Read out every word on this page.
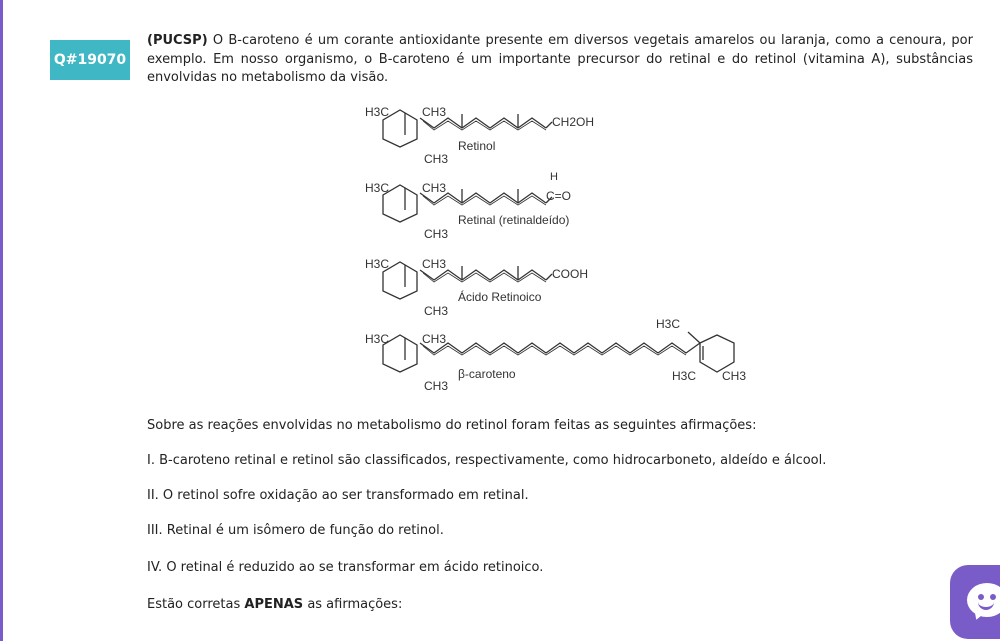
Q#19070

(PUCSP) O B-caroteno é um corante antioxidante presente em diversos vegetais amarelos ou laranja, como a cenoura, por exemplo. Em nosso organismo, o B-caroteno é um importante precursor do retinal e do retinol (vitamina A), substâncias envolvidas no metabolismo da visão.

H3C	CH3
CH3
CH2OH
Retinol
H3C	CH3
CH3
H
C=O
Retinal (retinaldeído)
H3C	CH3
CH3
COOH
Ácido Retinoico
H3C	CH3
CH3
H3C
H3C CH3
β-caroteno

Sobre as reações envolvidas no metabolismo do retinol foram feitas as seguintes afirmações:

I. B-caroteno retinal e retinol são classificados, respectivamente, como hidrocarboneto, aldeído e álcool.

II. O retinol sofre oxidação ao ser transformado em retinal.

III. Retinal é um isômero de função do retinol.

IV. O retinal é reduzido ao se transformar em ácido retinoico.

Estão corretas APENAS as afirmações:
